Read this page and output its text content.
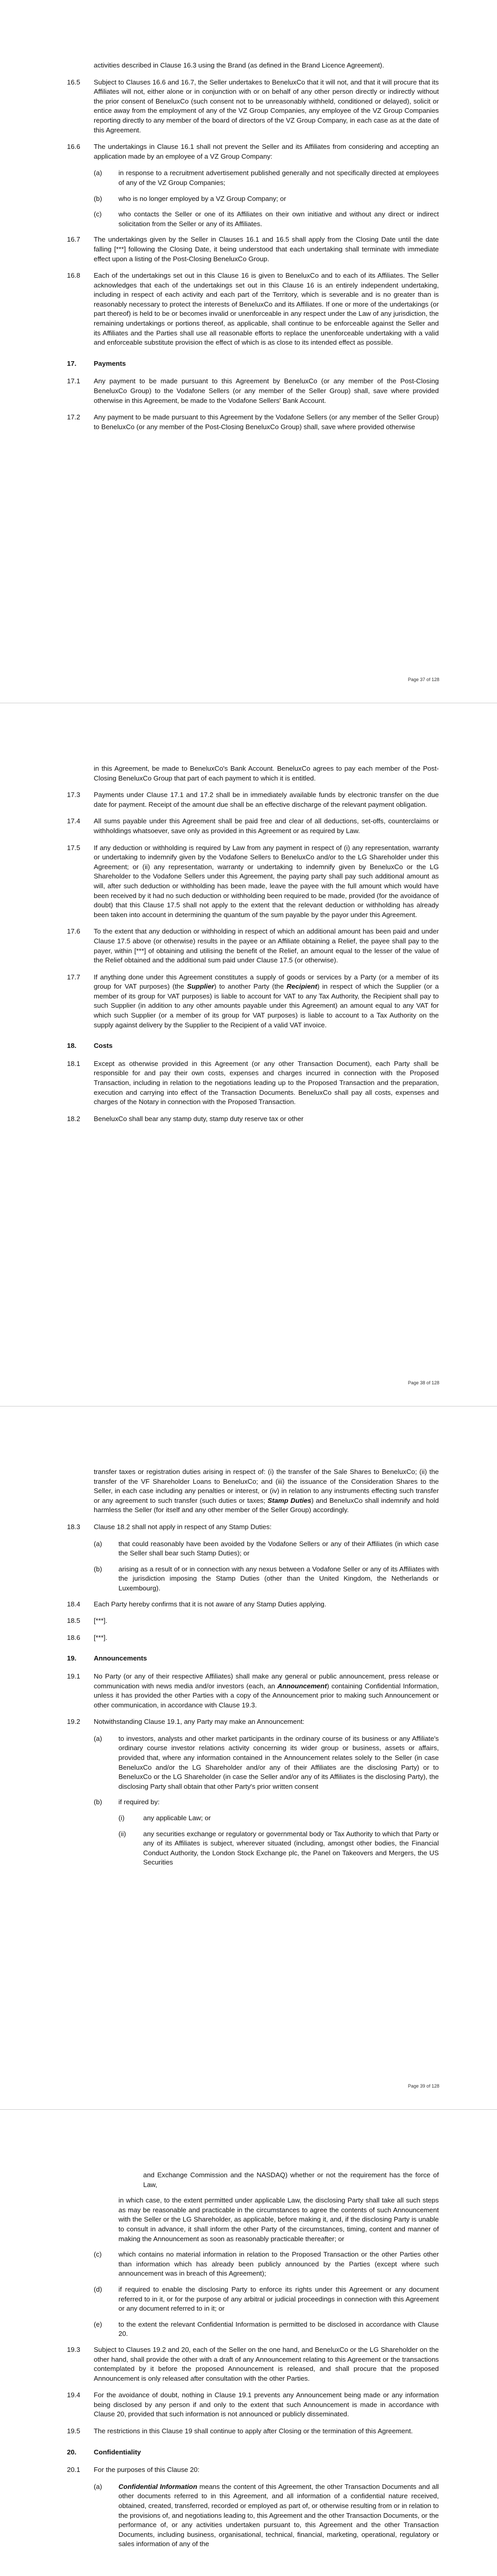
activities described in Clause 16.3 using the Brand (as defined in the Brand Licence Agreement).
16.5	Subject to Clauses 16.6 and 16.7, the Seller undertakes to BeneluxCo that it will not, and that it will procure that its Affiliates will not, either alone or in conjunction with or on behalf of any other person directly or indirectly without the prior consent of BeneluxCo (such consent not to be unreasonably withheld, conditioned or delayed), solicit or entice away from the employment of any of the VZ Group Companies, any employee of the VZ Group Companies reporting directly to any member of the board of directors of the VZ Group Company, in each case as at the date of this Agreement.
16.6	The undertakings in Clause 16.1 shall not prevent the Seller and its Affiliates from considering and accepting an application made by an employee of a VZ Group Company:
(a)	in response to a recruitment advertisement published generally and not specifically directed at employees of any of the VZ Group Companies;
(b)	who is no longer employed by a VZ Group Company; or
(c)	who contacts the Seller or one of its Affiliates on their own initiative and without any direct or indirect solicitation from the Seller or any of its Affiliates.
16.7	The undertakings given by the Seller in Clauses 16.1 and 16.5 shall apply from the Closing Date until the date falling [***] following the Closing Date, it being understood that each undertaking shall terminate with immediate effect upon a listing of the Post-Closing BeneluxCo Group.
16.8	Each of the undertakings set out in this Clause 16 is given to BeneluxCo and to each of its Affiliates. The Seller acknowledges that each of the undertakings set out in this Clause 16 is an entirely independent undertaking, including in respect of each activity and each part of the Territory, which is severable and is no greater than is reasonably necessary to protect the interests of BeneluxCo and its Affiliates. If one or more of the undertakings (or part thereof) is held to be or becomes invalid or unenforceable in any respect under the Law of any jurisdiction, the remaining undertakings or portions thereof, as applicable, shall continue to be enforceable against the Seller and its Affiliates and the Parties shall use all reasonable efforts to replace the unenforceable undertaking with a valid and enforceable substitute provision the effect of which is as close to its intended effect as possible.
17.	Payments
17.1	Any payment to be made pursuant to this Agreement by BeneluxCo (or any member of the Post-Closing BeneluxCo Group) to the Vodafone Sellers (or any member of the Seller Group) shall, save where provided otherwise in this Agreement, be made to the Vodafone Sellers' Bank Account.
17.2	Any payment to be made pursuant to this Agreement by the Vodafone Sellers (or any member of the Seller Group) to BeneluxCo (or any member of the Post-Closing BeneluxCo Group) shall, save where provided otherwise
Page 37 of 128
in this Agreement, be made to BeneluxCo's Bank Account. BeneluxCo agrees to pay each member of the Post-Closing BeneluxCo Group that part of each payment to which it is entitled.
17.3	Payments under Clause 17.1 and 17.2 shall be in immediately available funds by electronic transfer on the due date for payment. Receipt of the amount due shall be an effective discharge of the relevant payment obligation.
17.4	All sums payable under this Agreement shall be paid free and clear of all deductions, set-offs, counterclaims or withholdings whatsoever, save only as provided in this Agreement or as required by Law.
17.5	If any deduction or withholding is required by Law from any payment in respect of (i) any representation, warranty or undertaking to indemnify given by the Vodafone Sellers to BeneluxCo and/or to the LG Shareholder under this Agreement; or (ii) any representation, warranty or undertaking to indemnify given by BeneluxCo or the LG Shareholder to the Vodafone Sellers under this Agreement, the paying party shall pay such additional amount as will, after such deduction or withholding has been made, leave the payee with the full amount which would have been received by it had no such deduction or withholding been required to be made, provided (for the avoidance of doubt) that this Clause 17.5 shall not apply to the extent that the relevant deduction or withholding has already been taken into account in determining the quantum of the sum payable by the payor under this Agreement.
17.6	To the extent that any deduction or withholding in respect of which an additional amount has been paid and under Clause 17.5 above (or otherwise) results in the payee or an Affiliate obtaining a Relief, the payee shall pay to the payer, within [***] of obtaining and utilising the benefit of the Relief, an amount equal to the lesser of the value of the Relief obtained and the additional sum paid under Clause 17.5 (or otherwise).
17.7	If anything done under this Agreement constitutes a supply of goods or services by a Party (or a member of its group for VAT purposes) (the Supplier) to another Party (the Recipient) in respect of which the Supplier (or a member of its group for VAT purposes) is liable to account for VAT to any Tax Authority, the Recipient shall pay to such Supplier (in addition to any other amounts payable under this Agreement) an amount equal to any VAT for which such Supplier (or a member of its group for VAT purposes) is liable to account to a Tax Authority on the supply against delivery by the Supplier to the Recipient of a valid VAT invoice.
18.	Costs
18.1	Except as otherwise provided in this Agreement (or any other Transaction Document), each Party shall be responsible for and pay their own costs, expenses and charges incurred in connection with the Proposed Transaction, including in relation to the negotiations leading up to the Proposed Transaction and the preparation, execution and carrying into effect of the Transaction Documents. BeneluxCo shall pay all costs, expenses and charges of the Notary in connection with the Proposed Transaction.
18.2	BeneluxCo shall bear any stamp duty, stamp duty reserve tax or other
Page 38 of 128
transfer taxes or registration duties arising in respect of: (i) the transfer of the Sale Shares to BeneluxCo; (ii) the transfer of the VF Shareholder Loans to BeneluxCo; and (iii) the issuance of the Consideration Shares to the Seller, in each case including any penalties or interest, or (iv) in relation to any instruments effecting such transfer or any agreement to such transfer (such duties or taxes; Stamp Duties) and BeneluxCo shall indemnify and hold harmless the Seller (for itself and any other member of the Seller Group) accordingly.
18.3	Clause 18.2 shall not apply in respect of any Stamp Duties:
(a)	that could reasonably have been avoided by the Vodafone Sellers or any of their Affiliates (in which case the Seller shall bear such Stamp Duties); or
(b)	arising as a result of or in connection with any nexus between a Vodafone Seller or any of its Affiliates with the jurisdiction imposing the Stamp Duties (other than the United Kingdom, the Netherlands or Luxembourg).
18.4	Each Party hereby confirms that it is not aware of any Stamp Duties applying.
18.5	[***].
18.6	[***].
19.	Announcements
19.1	No Party (or any of their respective Affiliates) shall make any general or public announcement, press release or communication with news media and/or investors (each, an Announcement) containing Confidential Information, unless it has provided the other Parties with a copy of the Announcement prior to making such Announcement or other communication, in accordance with Clause 19.3.
19.2	Notwithstanding Clause 19.1, any Party may make an Announcement:
(a)	to investors, analysts and other market participants in the ordinary course of its business or any Affiliate's ordinary course investor relations activity concerning its wider group or business, assets or affairs, provided that, where any information contained in the Announcement relates solely to the Seller (in case BeneluxCo and/or the LG Shareholder and/or any of their Affiliates are the disclosing Party) or to BeneluxCo or the LG Shareholder (in case the Seller and/or any of its Affiliates is the disclosing Party), the disclosing Party shall obtain that other Party's prior written consent
(b)	if required by:
(i)	any applicable Law; or
(ii)	any securities exchange or regulatory or governmental body or Tax Authority to which that Party or any of its Affiliates is subject, wherever situated (including, amongst other bodies, the Financial Conduct Authority, the London Stock Exchange plc, the Panel on Takeovers and Mergers, the US Securities
Page 39 of 128
and Exchange Commission and the NASDAQ) whether or not the requirement has the force of Law,
in which case, to the extent permitted under applicable Law, the disclosing Party shall take all such steps as may be reasonable and practicable in the circumstances to agree the contents of such Announcement with the Seller or the LG Shareholder, as applicable, before making it, and, if the disclosing Party is unable to consult in advance, it shall inform the other Party of the circumstances, timing, content and manner of making the Announcement as soon as reasonably practicable thereafter; or
(c)	which contains no material information in relation to the Proposed Transaction or the other Parties other than information which has already been publicly announced by the Parties (except where such announcement was in breach of this Agreement);
(d)	if required to enable the disclosing Party to enforce its rights under this Agreement or any document referred to in it, or for the purpose of any arbitral or judicial proceedings in connection with this Agreement or any document referred to in it; or
(e)	to the extent the relevant Confidential Information is permitted to be disclosed in accordance with Clause 20.
19.3	Subject to Clauses 19.2 and 20, each of the Seller on the one hand, and BeneluxCo or the LG Shareholder on the other hand, shall provide the other with a draft of any Announcement relating to this Agreement or the transactions contemplated by it before the proposed Announcement is released, and shall procure that the proposed Announcement is only released after consultation with the other Parties.
19.4	For the avoidance of doubt, nothing in Clause 19.1 prevents any Announcement being made or any information being disclosed by any person if and only to the extent that such Announcement is made in accordance with Clause 20, provided that such information is not announced or publicly disseminated.
19.5	The restrictions in this Clause 19 shall continue to apply after Closing or the termination of this Agreement.
20.	Confidentiality
20.1	For the purposes of this Clause 20:
(a)	Confidential Information means the content of this Agreement, the other Transaction Documents and all other documents referred to in this Agreement, and all information of a confidential nature received, obtained, created, transferred, recorded or employed as part of, or otherwise resulting from or in relation to the provisions of, and negotiations leading to, this Agreement and the other Transaction Documents, or the performance of, or any activities undertaken pursuant to, this Agreement and the other Transaction Documents, including business, organisational, technical, financial, marketing, operational, regulatory or sales information of any of the
